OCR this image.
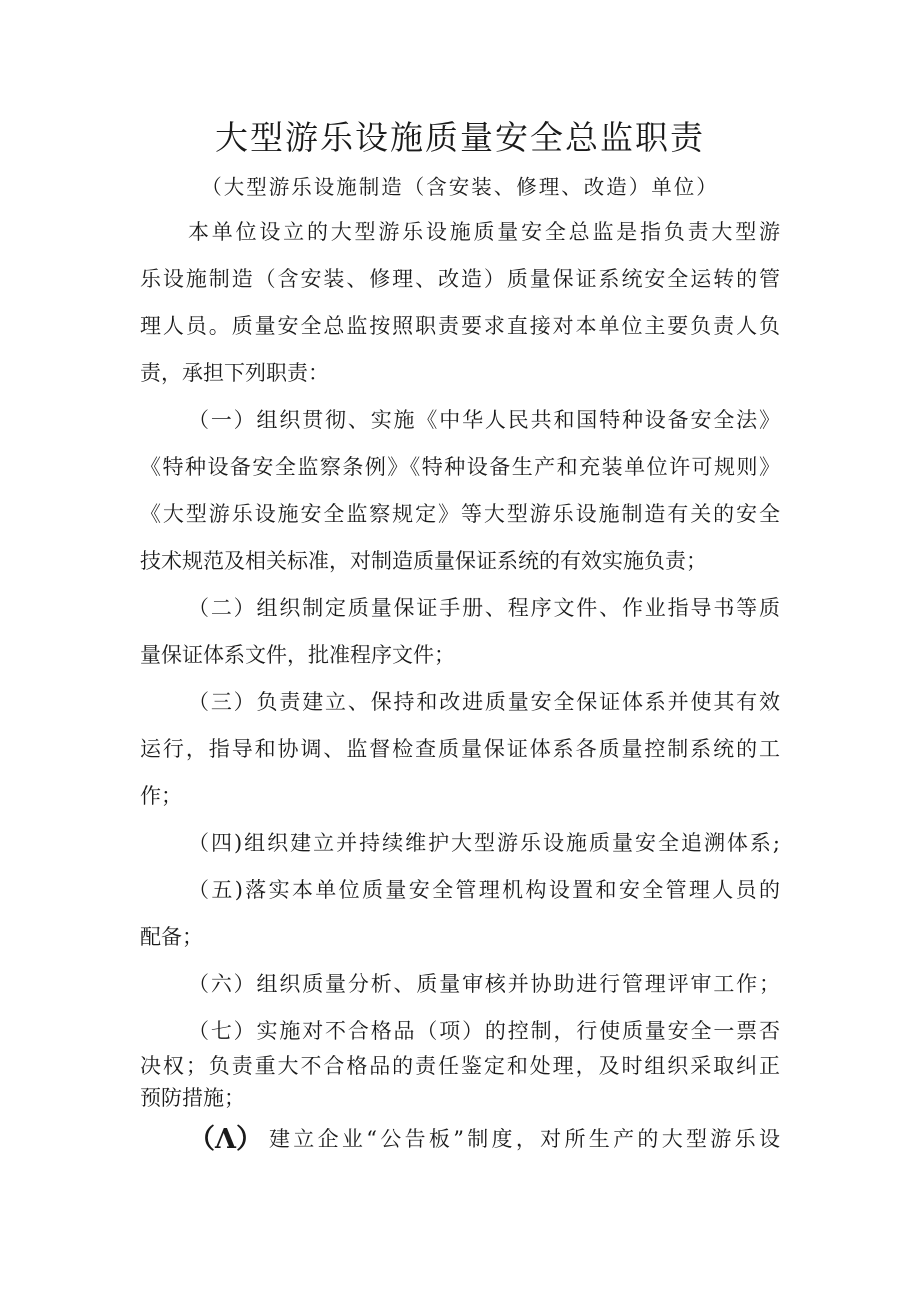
大型游乐设施质量安全总监职责
（大型游乐设施制造（含安装、修理、改造）单位）
本单位设立的大型游乐设施质量安全总监是指负责大型游
乐设施制造（含安装、修理、改造）质量保证系统安全运转的管
理人员。质量安全总监按照职责要求直接对本单位主要负责人负
责，承担下列职责：
（一）组织贯彻、实施《中华人民共和国特种设备安全法》
《特种设备安全监察条例》《特种设备生产和充装单位许可规则》
《大型游乐设施安全监察规定》等大型游乐设施制造有关的安全
技术规范及相关标准，对制造质量保证系统的有效实施负责；
（二）组织制定质量保证手册、程序文件、作业指导书等质
量保证体系文件，批准程序文件；
（三）负责建立、保持和改进质量安全保证体系并使其有效
运行，指导和协调、监督检查质量保证体系各质量控制系统的工
作；
（四)组织建立并持续维护大型游乐设施质量安全追溯体系;
（五)落实本单位质量安全管理机构设置和安全管理人员的
配备；
（六）组织质量分析、质量审核并协助进行管理评审工作；
（七）实施对不合格品（项）的控制，行使质量安全一票否
决权；负责重大不合格品的责任鉴定和处理，及时组织采取纠正
预防措施；
（Λ） 建立企业“公告板”制度，对所生产的大型游乐设
